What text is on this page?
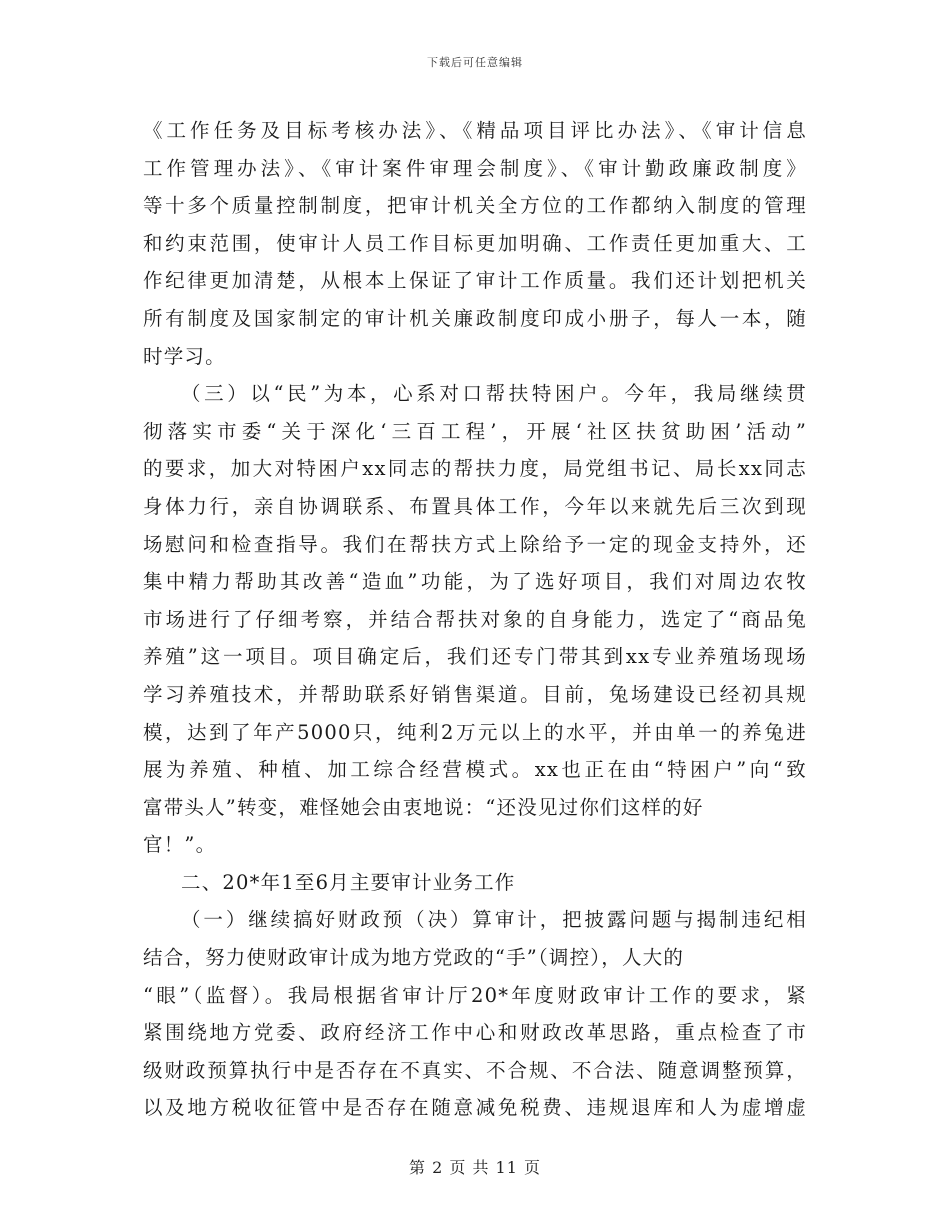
下载后可任意编辑
《工作任务及目标考核办法》、《精品项目评比办法》、《审计信息
工作管理办法》、《审计案件审理会制度》、《审计勤政廉政制度》
等十多个质量控制制度，把审计机关全方位的工作都纳入制度的管理
和约束范围，使审计人员工作目标更加明确、工作责任更加重大、工
作纪律更加清楚，从根本上保证了审计工作质量。我们还计划把机关
所有制度及国家制定的审计机关廉政制度印成小册子，每人一本，随
时学习。
（三）以“民”为本，心系对口帮扶特困户。今年，我局继续贯
彻落实市委“关于深化‘三百工程’，开展‘社区扶贫助困’活动”
的要求，加大对特困户xx同志的帮扶力度，局党组书记、局长xx同志
身体力行，亲自协调联系、布置具体工作，今年以来就先后三次到现
场慰问和检查指导。我们在帮扶方式上除给予一定的现金支持外，还
集中精力帮助其改善“造血”功能，为了选好项目，我们对周边农牧
市场进行了仔细考察，并结合帮扶对象的自身能力，选定了“商品兔
养殖”这一项目。项目确定后，我们还专门带其到xx专业养殖场现场
学习养殖技术，并帮助联系好销售渠道。目前，兔场建设已经初具规
模，达到了年产5000只，纯利2万元以上的水平，并由单一的养兔进
展为养殖、种植、加工综合经营模式。xx也正在由“特困户”向“致
富带头人”转变，难怪她会由衷地说：“还没见过你们这样的好
官！”。
二、20*年1至6月主要审计业务工作
（一）继续搞好财政预（决）算审计，把披露问题与揭制违纪相
结合，努力使财政审计成为地方党政的“手”（调控），人大的
“眼”（监督）。我局根据省审计厅20*年度财政审计工作的要求，紧
紧围绕地方党委、政府经济工作中心和财政改革思路，重点检查了市
级财政预算执行中是否存在不真实、不合规、不合法、随意调整预算，
以及地方税收征管中是否存在随意减免税费、违规退库和人为虚增虚
第 2 页 共 11 页
